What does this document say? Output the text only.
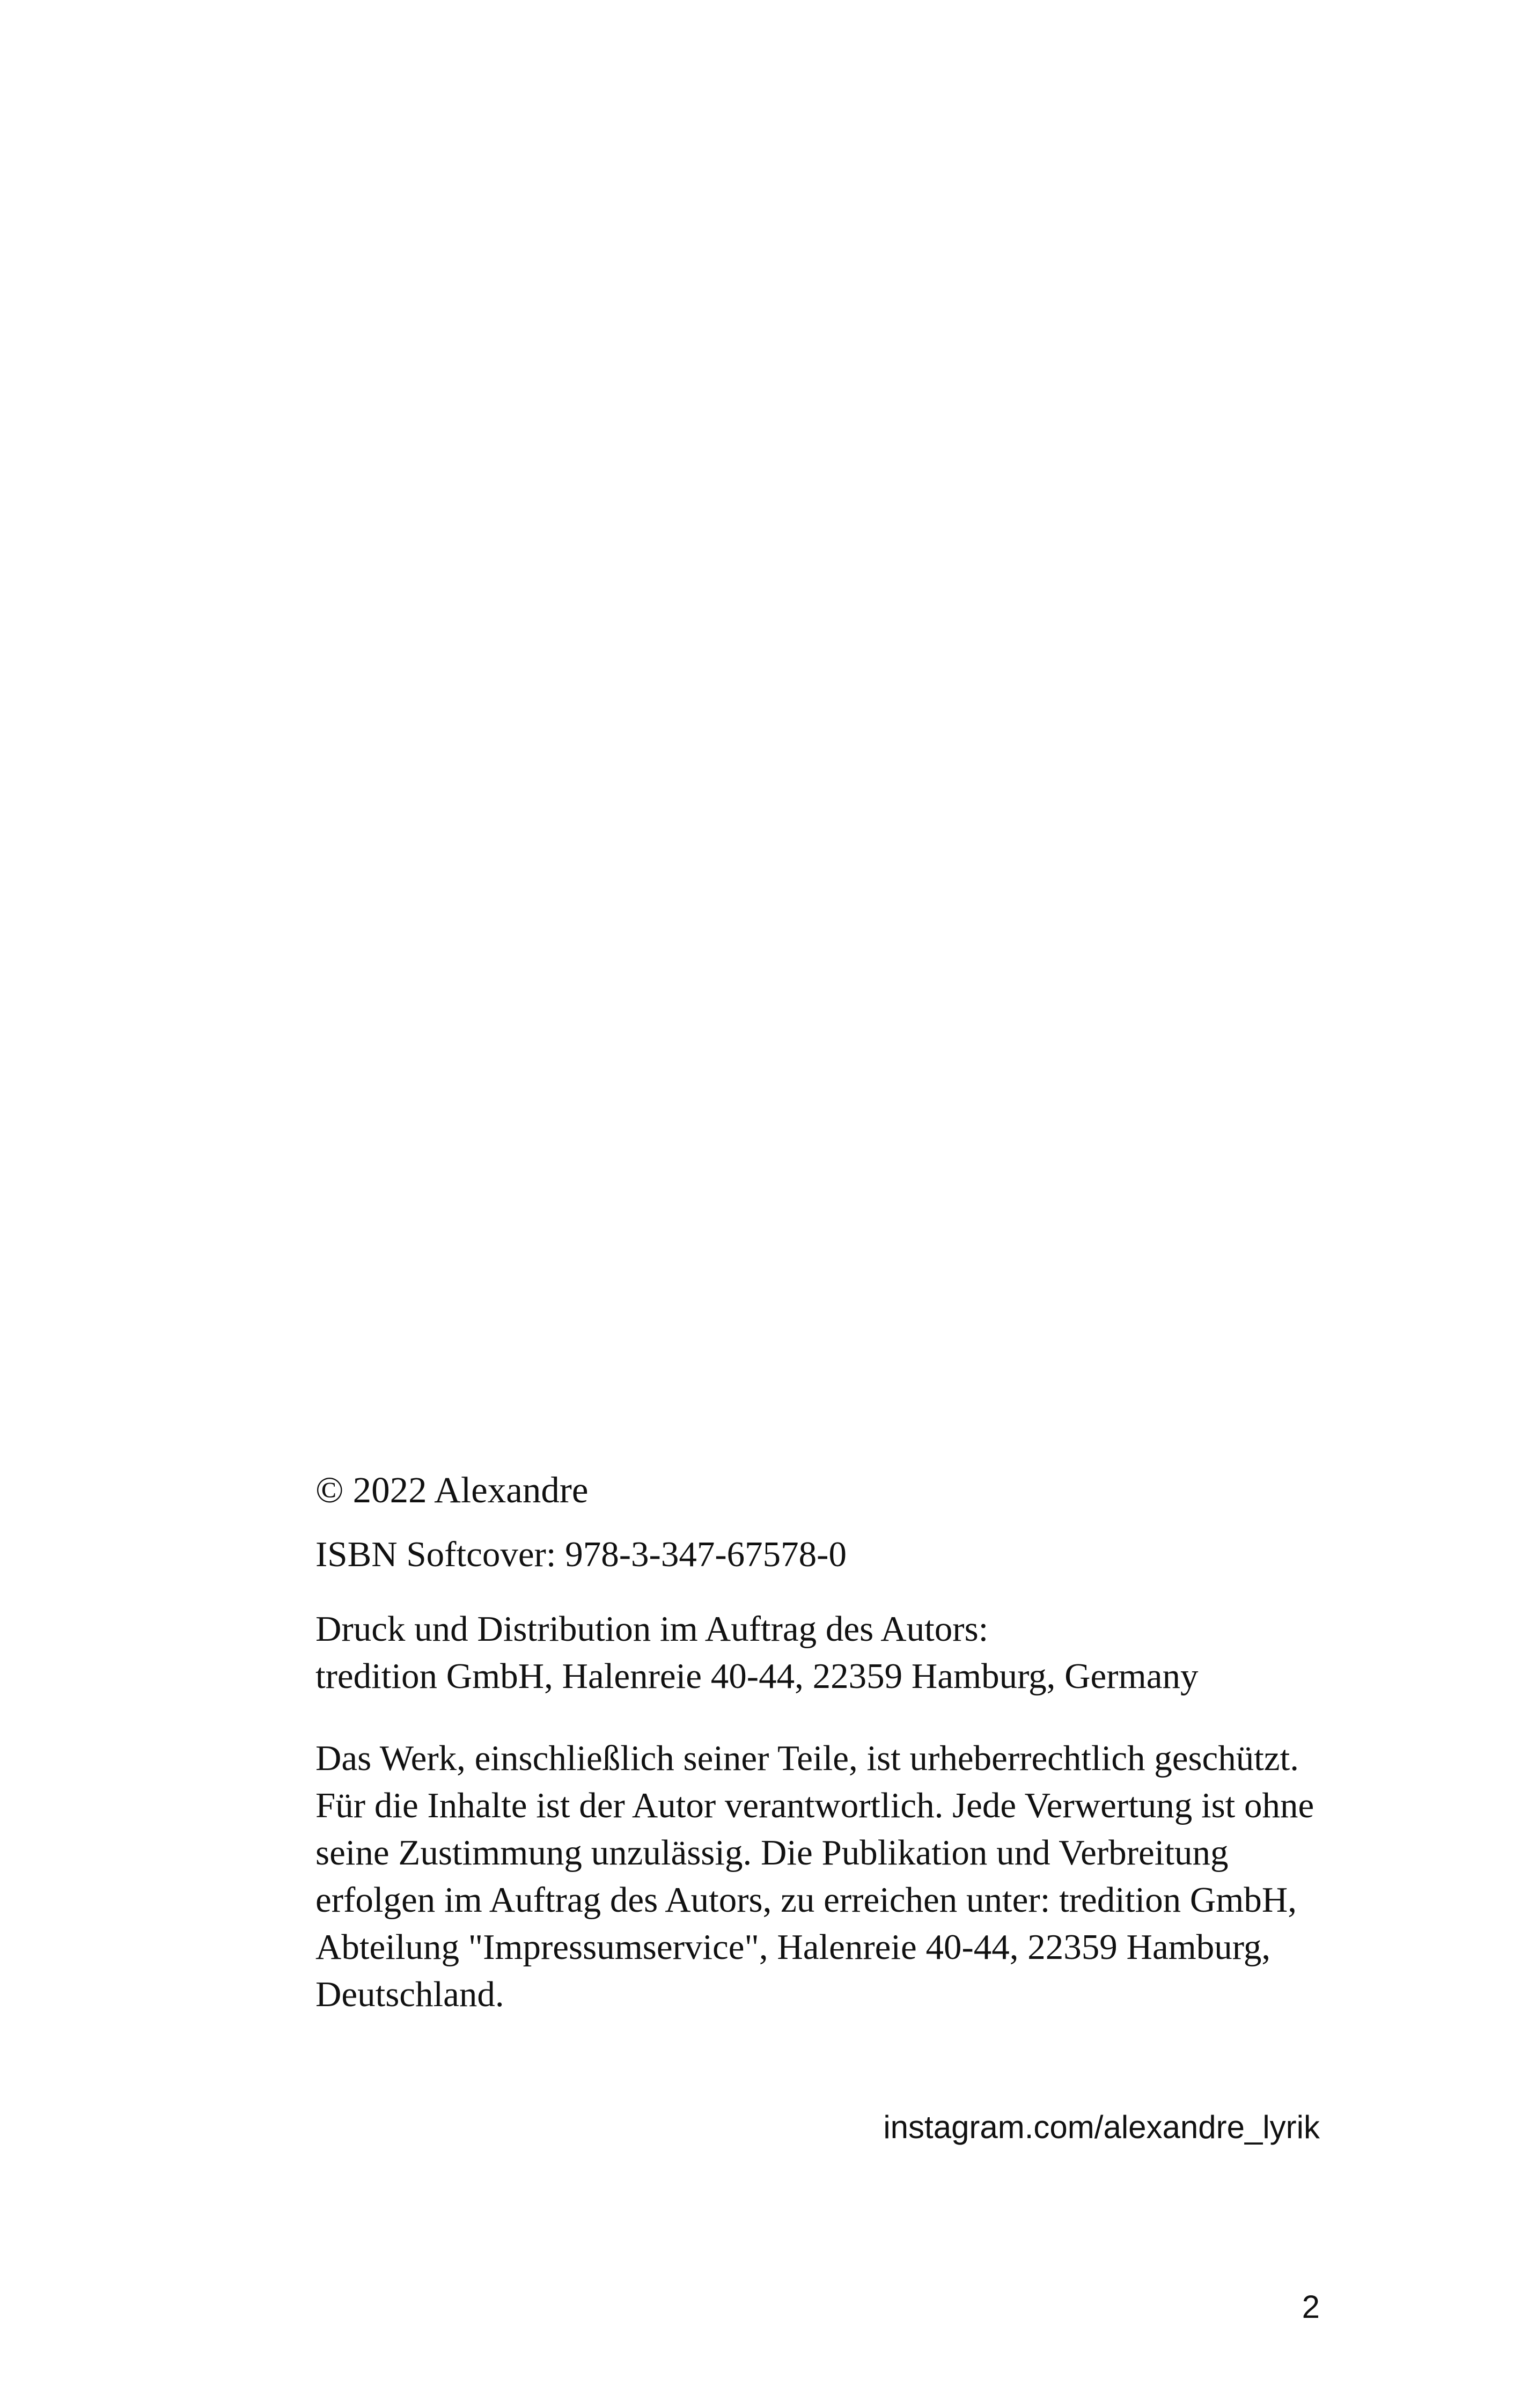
© 2022 Alexandre

ISBN Softcover: 978-3-347-67578-0

Druck und Distribution im Auftrag des Autors:
tredition GmbH, Halenreie 40-44, 22359 Hamburg, Germany

Das Werk, einschließlich seiner Teile, ist urheberrechtlich geschützt.
Für die Inhalte ist der Autor verantwortlich. Jede Verwertung ist ohne
seine Zustimmung unzulässig. Die Publikation und Verbreitung
erfolgen im Auftrag des Autors, zu erreichen unter: tredition GmbH,
Abteilung "Impressumservice", Halenreie 40-44, 22359 Hamburg,
Deutschland.

instagram.com/alexandre_lyrik
2
